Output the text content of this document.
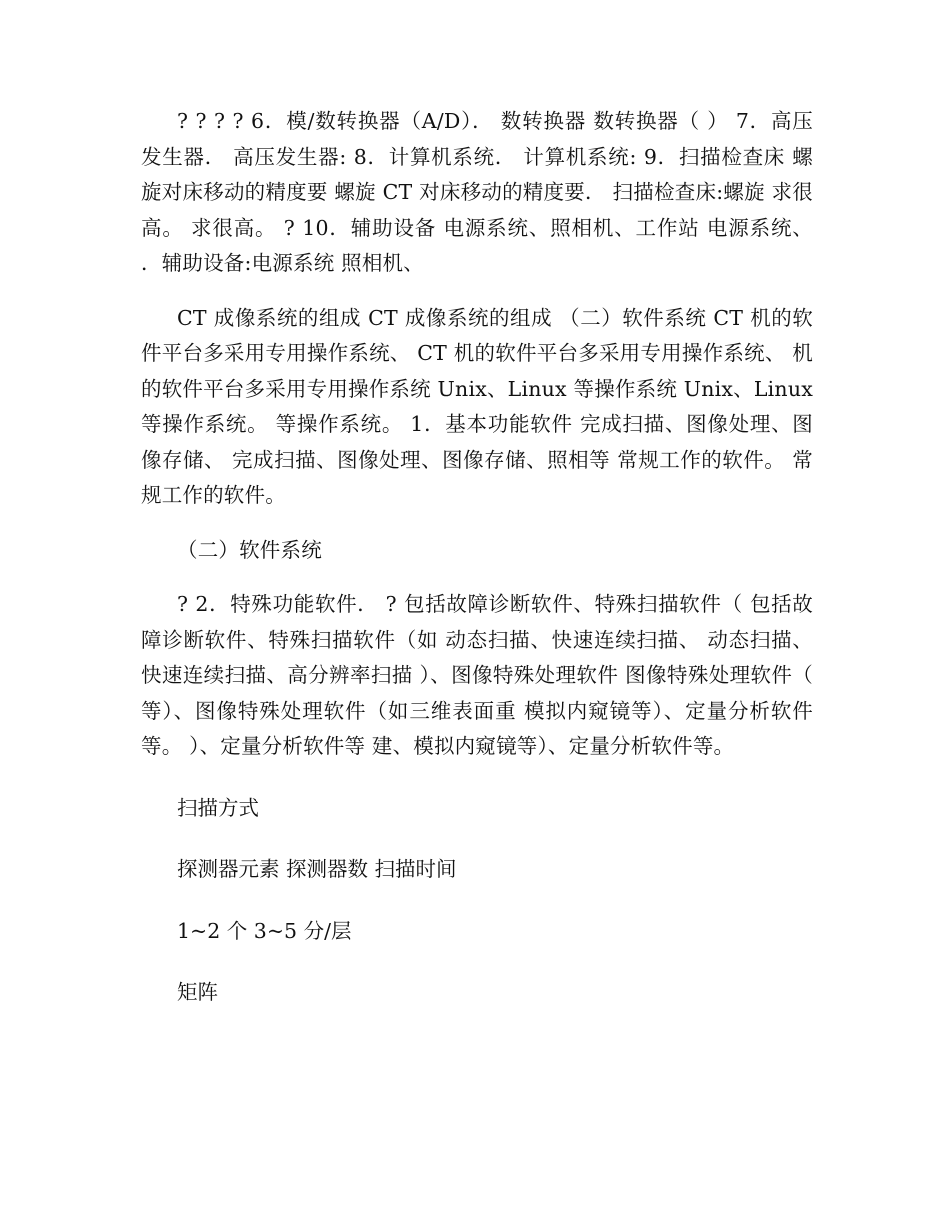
? ? ? ? 6．模/数转换器（A/D）． 数转换器 数转换器（ ） 7．高压发生器． 高压发生器: 8．计算机系统． 计算机系统: 9．扫描检查床 螺旋对床移动的精度要 螺旋 CT 对床移动的精度要． 扫描检查床:螺旋 求很高。 求很高。 ? 10．辅助设备 电源系统、照相机、工作站 电源系统、 ．辅助设备:电源系统 照相机、

CT 成像系统的组成 CT 成像系统的组成 （二）软件系统 CT 机的软件平台多采用专用操作系统、 CT 机的软件平台多采用专用操作系统、 机的软件平台多采用专用操作系统 Unix、Linux 等操作系统 Unix、Linux 等操作系统。 等操作系统。 1．基本功能软件 完成扫描、图像处理、图像存储、 完成扫描、图像处理、图像存储、照相等 常规工作的软件。 常规工作的软件。

（二）软件系统

? 2．特殊功能软件． ? 包括故障诊断软件、特殊扫描软件（ 包括故障诊断软件、特殊扫描软件（如 动态扫描、快速连续扫描、 动态扫描、快速连续扫描、高分辨率扫描 ）、图像特殊处理软件 图像特殊处理软件（ 等）、图像特殊处理软件（如三维表面重 模拟内窥镜等）、定量分析软件等。 ）、定量分析软件等 建、模拟内窥镜等）、定量分析软件等。

扫描方式

探测器元素 探测器数 扫描时间

1~2 个 3~5 分/层

矩阵
